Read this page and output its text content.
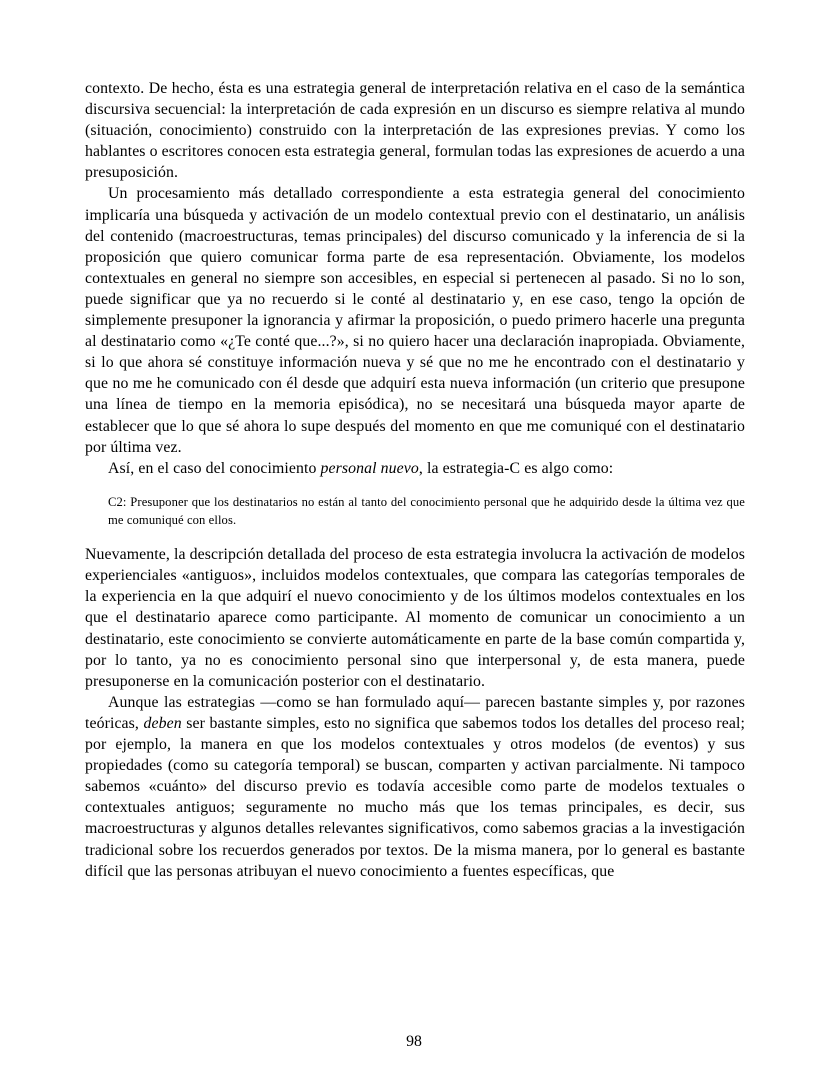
contexto. De hecho, ésta es una estrategia general de interpretación relativa en el caso de la semántica discursiva secuencial: la interpretación de cada expresión en un discurso es siempre relativa al mundo (situación, conocimiento) construido con la interpretación de las expresiones previas. Y como los hablantes o escritores conocen esta estrategia general, formulan todas las expresiones de acuerdo a una presuposición.

Un procesamiento más detallado correspondiente a esta estrategia general del conocimiento implicaría una búsqueda y activación de un modelo contextual previo con el destinatario, un análisis del contenido (macroestructuras, temas principales) del discurso comunicado y la inferencia de si la proposición que quiero comunicar forma parte de esa representación. Obviamente, los modelos contextuales en general no siempre son accesibles, en especial si pertenecen al pasado. Si no lo son, puede significar que ya no recuerdo si le conté al destinatario y, en ese caso, tengo la opción de simplemente presuponer la ignorancia y afirmar la proposición, o puedo primero hacerle una pregunta al destinatario como «¿Te conté que...?», si no quiero hacer una declaración inapropiada. Obviamente, si lo que ahora sé constituye información nueva y sé que no me he encontrado con el destinatario y que no me he comunicado con él desde que adquirí esta nueva información (un criterio que presupone una línea de tiempo en la memoria episódica), no se necesitará una búsqueda mayor aparte de establecer que lo que sé ahora lo supe después del momento en que me comuniqué con el destinatario por última vez.

Así, en el caso del conocimiento personal nuevo, la estrategia-C es algo como:

C2: Presuponer que los destinatarios no están al tanto del conocimiento personal que he adquirido desde la última vez que me comuniqué con ellos.

Nuevamente, la descripción detallada del proceso de esta estrategia involucra la activación de modelos experienciales «antiguos», incluidos modelos contextuales, que compara las categorías temporales de la experiencia en la que adquirí el nuevo conocimiento y de los últimos modelos contextuales en los que el destinatario aparece como participante. Al momento de comunicar un conocimiento a un destinatario, este conocimiento se convierte automáticamente en parte de la base común compartida y, por lo tanto, ya no es conocimiento personal sino que interpersonal y, de esta manera, puede presuponerse en la comunicación posterior con el destinatario.

Aunque las estrategias —como se han formulado aquí— parecen bastante simples y, por razones teóricas, deben ser bastante simples, esto no significa que sabemos todos los detalles del proceso real; por ejemplo, la manera en que los modelos contextuales y otros modelos (de eventos) y sus propiedades (como su categoría temporal) se buscan, comparten y activan parcialmente. Ni tampoco sabemos «cuánto» del discurso previo es todavía accesible como parte de modelos textuales o contextuales antiguos; seguramente no mucho más que los temas principales, es decir, sus macroestructuras y algunos detalles relevantes significativos, como sabemos gracias a la investigación tradicional sobre los recuerdos generados por textos. De la misma manera, por lo general es bastante difícil que las personas atribuyan el nuevo conocimiento a fuentes específicas, que

98
